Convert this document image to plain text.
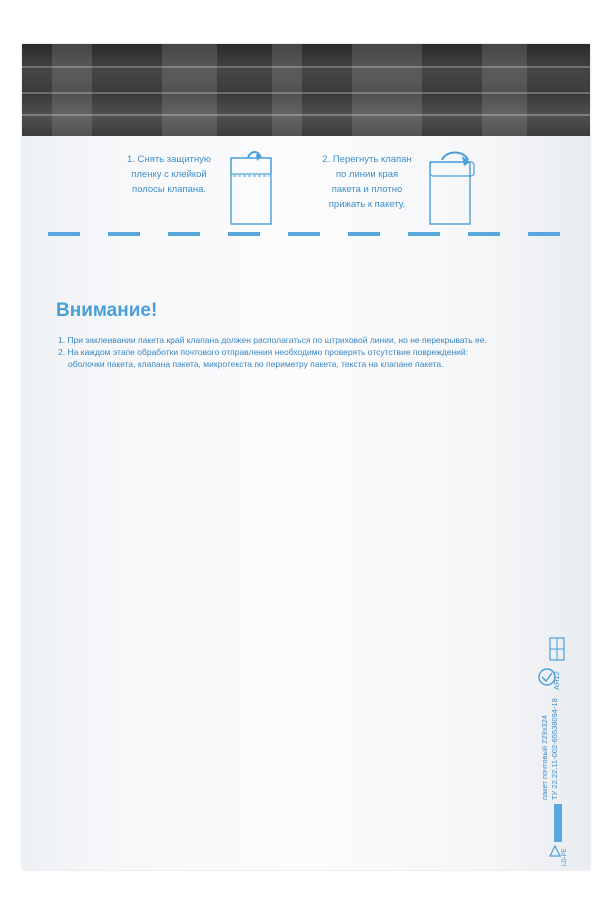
1. Снять защитную
пленку с клейкой
полосы клапана.
2. Перегнуть клапан
по линии края
пакета и плотно
прижать к пакету.
Внимание!
1. При заклеивании пакета край клапана должен располагаться по штриховой линии, но не перекрывать ее.
2. На каждом этапе обработки почтового отправления необходимо проверять отсутствие повреждений:
оболочки пакета, клапана пакета, микротекста по периметру пакета, текста на клапане пакета.
АЯ12
пакет почтовый 229x324 ТУ 22.22.11-002-65538094-18
LD-PE
